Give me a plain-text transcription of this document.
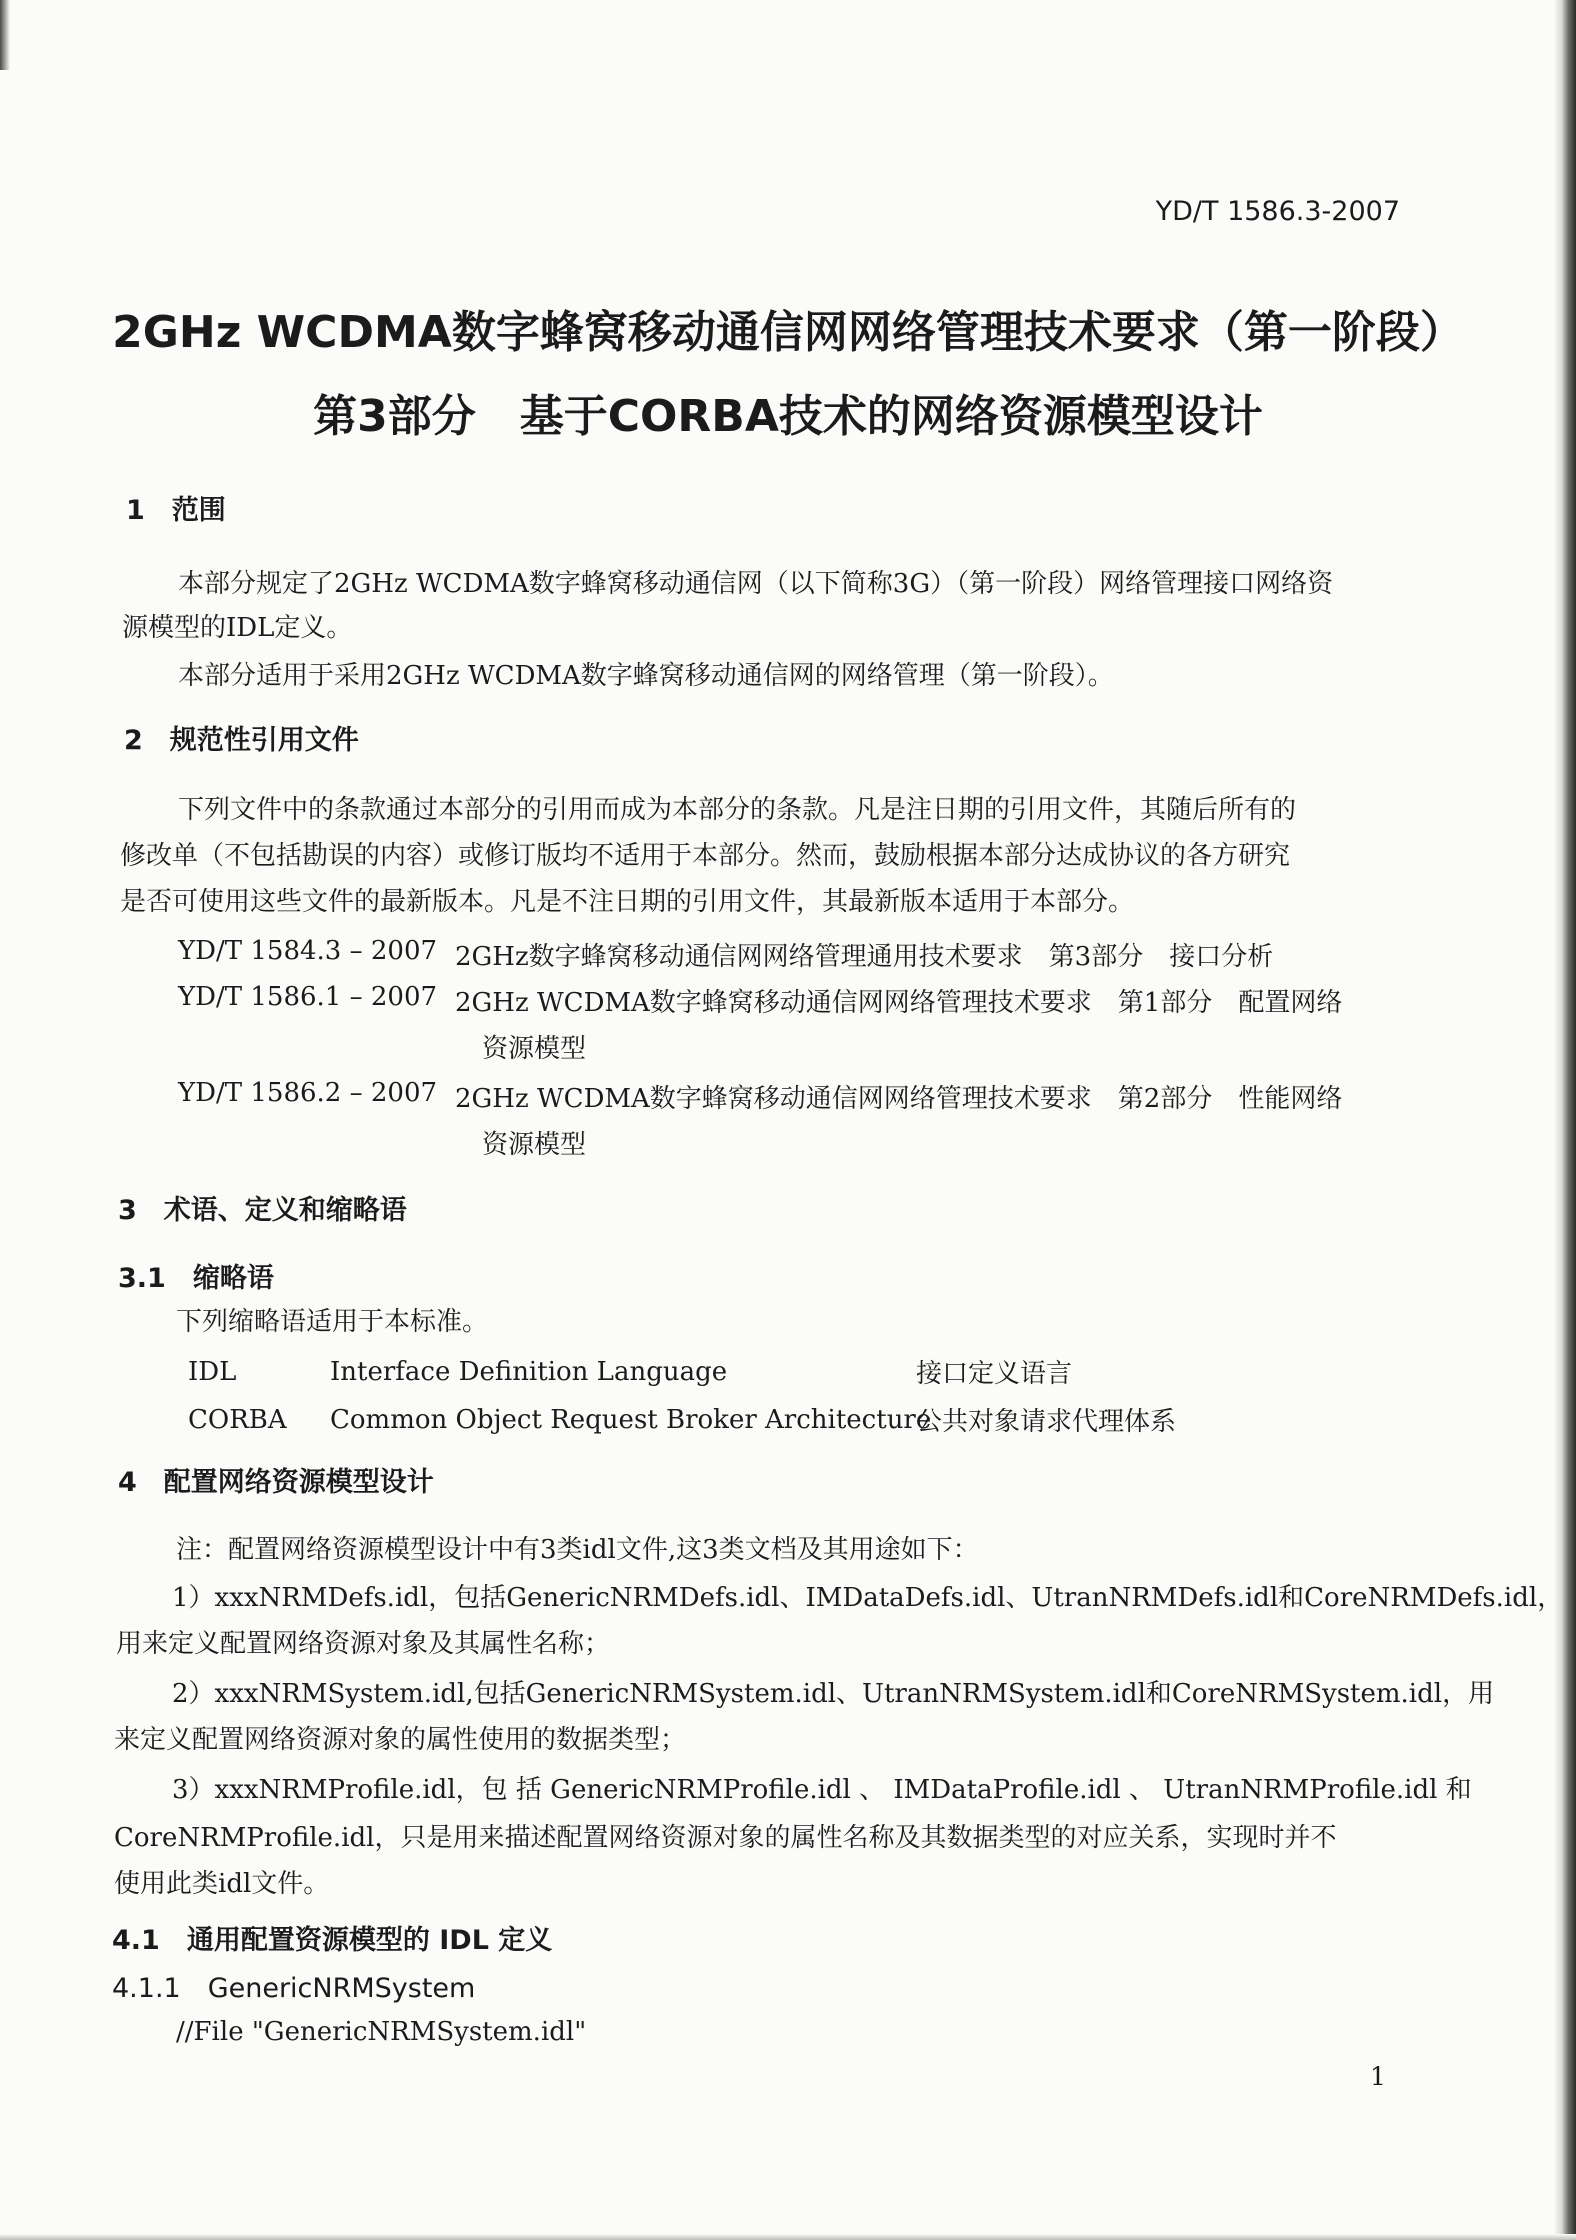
YD/T 1586.3-2007
2GHz WCDMA数字蜂窝移动通信网网络管理技术要求（第一阶段）
第3部分　基于CORBA技术的网络资源模型设计
1　范围
本部分规定了2GHz WCDMA数字蜂窝移动通信网（以下简称3G）（第一阶段）网络管理接口网络资
源模型的IDL定义。
本部分适用于采用2GHz WCDMA数字蜂窝移动通信网的网络管理（第一阶段）。
2　规范性引用文件
下列文件中的条款通过本部分的引用而成为本部分的条款。凡是注日期的引用文件，其随后所有的
修改单（不包括勘误的内容）或修订版均不适用于本部分。然而，鼓励根据本部分达成协议的各方研究
是否可使用这些文件的最新版本。凡是不注日期的引用文件，其最新版本适用于本部分。
YD/T 1584.3 – 2007 2GHz数字蜂窝移动通信网网络管理通用技术要求　第3部分　接口分析
YD/T 1586.1 – 2007 2GHz WCDMA数字蜂窝移动通信网网络管理技术要求　第1部分　配置网络
资源模型
YD/T 1586.2 – 2007 2GHz WCDMA数字蜂窝移动通信网网络管理技术要求　第2部分　性能网络
资源模型
3　术语、定义和缩略语
3.1　缩略语
下列缩略语适用于本标准。
IDL	Interface Definition Language	接口定义语言
CORBA Common Object Request Broker Architecture
公共对象请求代理体系
4　配置网络资源模型设计
注：配置网络资源模型设计中有3类idl文件,这3类文档及其用途如下：
1）xxxNRMDefs.idl，包括GenericNRMDefs.idl、IMDataDefs.idl、UtranNRMDefs.idl和CoreNRMDefs.idl，
用来定义配置网络资源对象及其属性名称；
2）xxxNRMSystem.idl,包括GenericNRMSystem.idl、UtranNRMSystem.idl和CoreNRMSystem.idl，用
来定义配置网络资源对象的属性使用的数据类型；
3）xxxNRMProfile.idl，包 括 GenericNRMProfile.idl 、 IMDataProfile.idl 、 UtranNRMProfile.idl 和
CoreNRMProfile.idl，只是用来描述配置网络资源对象的属性名称及其数据类型的对应关系，实现时并不
使用此类idl文件。
4.1　通用配置资源模型的 IDL 定义
4.1.1　GenericNRMSystem
//File "GenericNRMSystem.idl"
1
